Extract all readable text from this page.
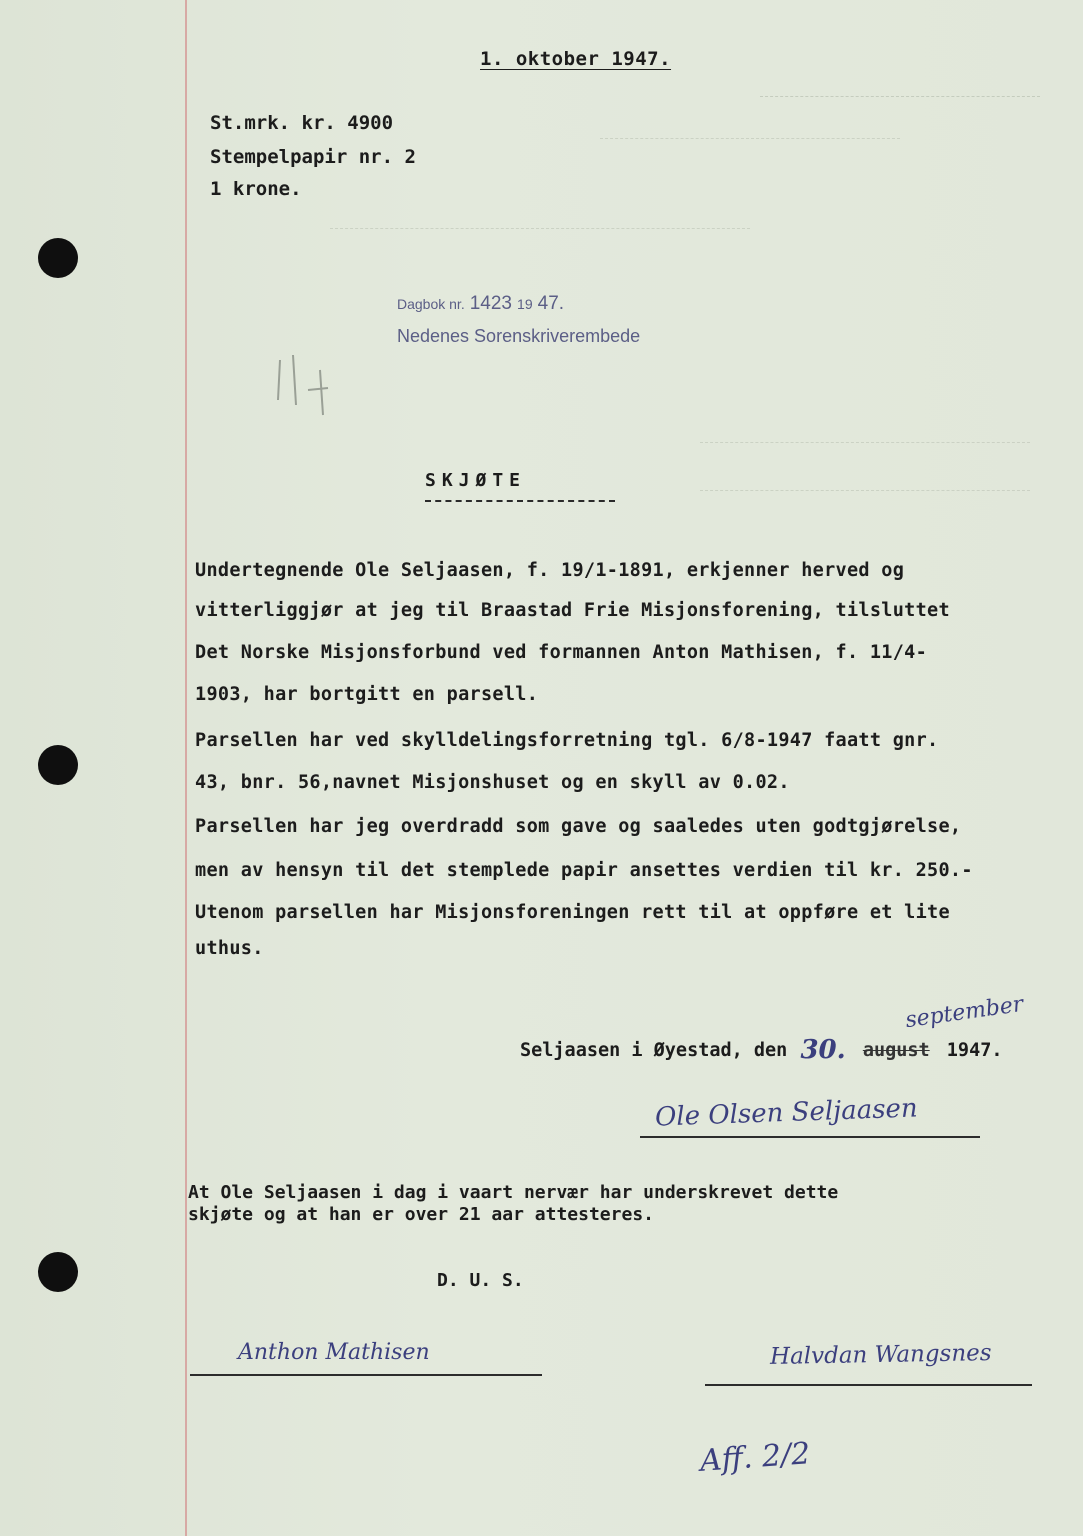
1. oktober 1947.
St.mrk. kr. 4900
Stempelpapir nr. 2
1 krone.
Dagbok nr. 1423 19 47.
Nedenes Sorenskriverembede
SKJØTE
Undertegnende Ole Seljaasen, f. 19/1-1891, erkjenner herved og
vitterliggjør at jeg til Braastad Frie Misjonsforening, tilsluttet
Det Norske Misjonsforbund ved formannen Anton Mathisen, f. 11/4-
1903, har bortgitt en parsell.
Parsellen har ved skylldelingsforretning tgl. 6/8-1947 faatt gnr.
43, bnr. 56,navnet Misjonshuset og en skyll av 0.02.
Parsellen har jeg overdradd som gave og saaledes uten godtgjørelse,
men av hensyn til det stemplede papir ansettes verdien til kr. 250.-
Utenom parsellen har Misjonsforeningen rett til at oppføre et lite
uthus.
Seljaasen i Øyestad, den 30. august 1947.
september
Ole Olsen Seljaasen
At Ole Seljaasen i dag i vaart nervær har underskrevet dette
skjøte og at han er over 21 aar attesteres.
D. U. S.
Anthon Mathisen	Halvdan Wangsnes
Aff. 2/2
